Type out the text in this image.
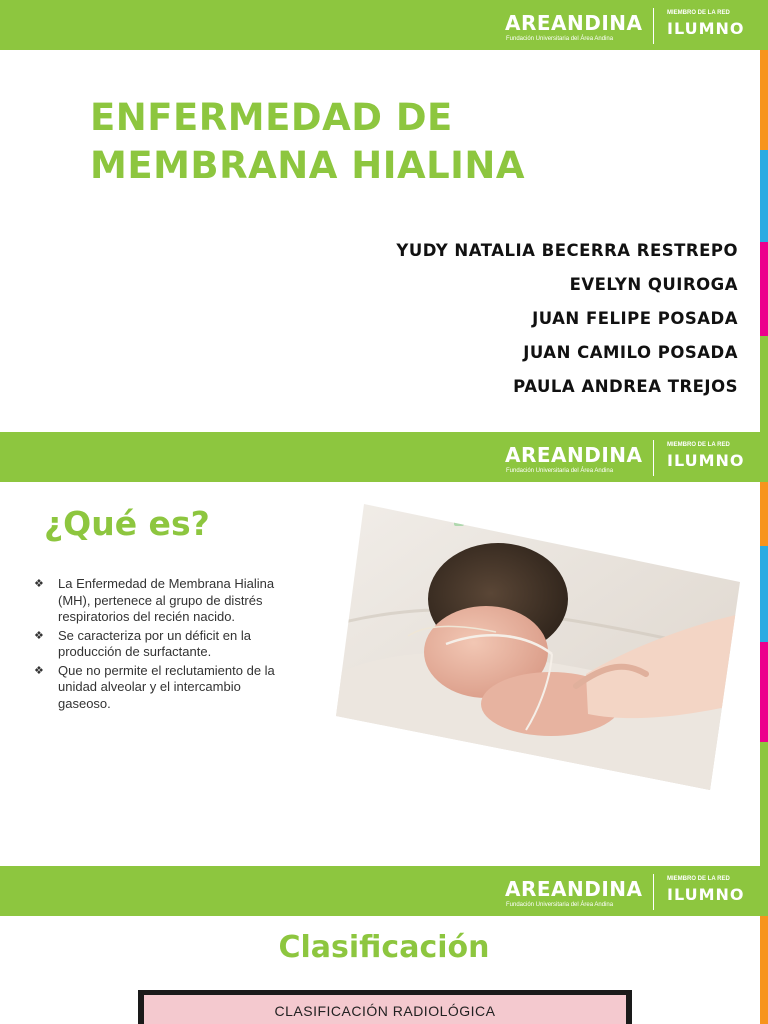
AREANDINA
Fundación Universitaria del Área Andina
MIEMBRO DE LA RED
ILUMNO
ENFERMEDAD DE MEMBRANA HIALINA
YUDY NATALIA BECERRA RESTREPO
EVELYN QUIROGA
JUAN FELIPE POSADA
JUAN CAMILO POSADA
PAULA ANDREA TREJOS
AREANDINA
Fundación Universitaria del Área Andina
MIEMBRO DE LA RED
ILUMNO
¿Qué es?
❖ La Enfermedad de Membrana Hialina (MH), pertenece al grupo de distrés respiratorios del recién nacido.
❖ Se caracteriza por un déficit en la producción de surfactante.
❖ Que no permite el reclutamiento de la unidad alveolar y el intercambio gaseoso.
AREANDINA
Fundación Universitaria del Área Andina
MIEMBRO DE LA RED
ILUMNO
Clasificación
CLASIFICACIÓN RADIOLÓGICA
